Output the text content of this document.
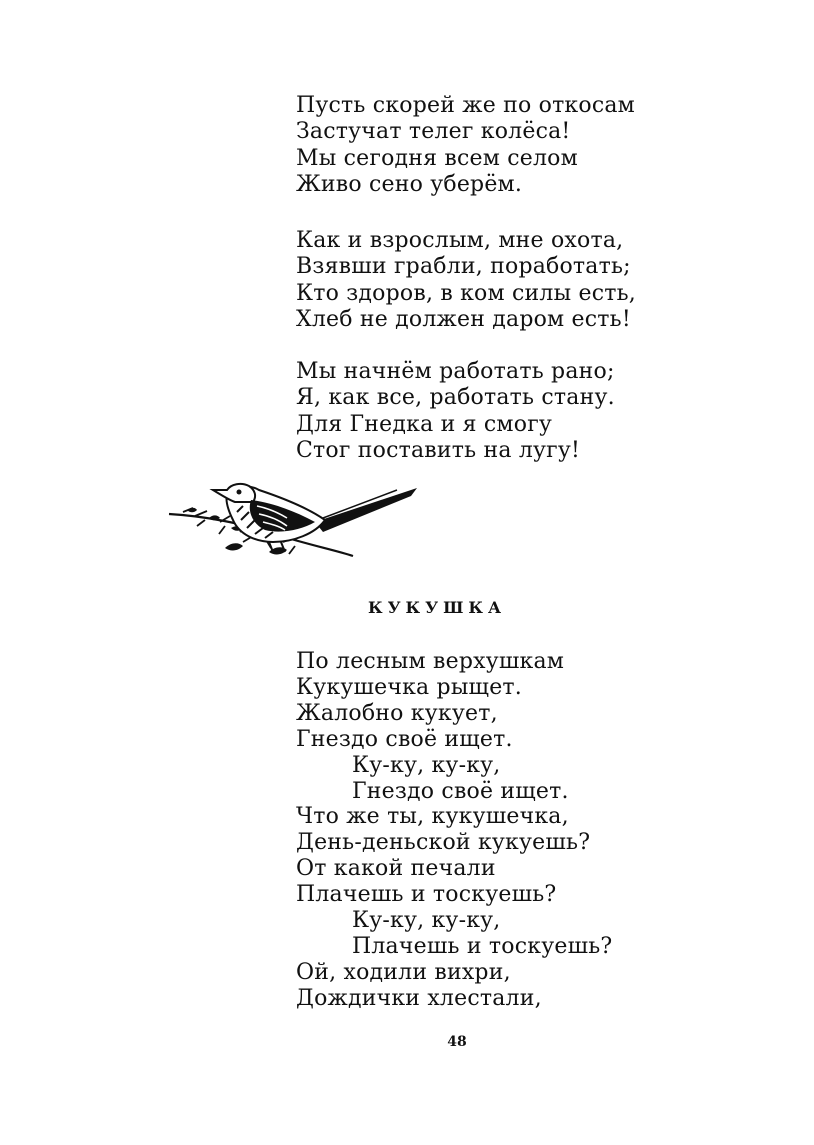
Пусть скорей же по откосам
Застучат телег колёса!
Мы сегодня всем селом
Живо сено уберём.
Как и взрослым, мне охота,
Взявши грабли, поработать;
Кто здоров, в ком силы есть,
Хлеб не должен даром есть!
Мы начнём работать рано;
Я, как все, работать стану.
Для Гнедка и я смогу
Стог поставить на лугу!
КУКУШКА
По лесным верхушкам
Кукушечка рыщет.
Жалобно кукует,
Гнездо своё ищет.
Ку-ку, ку-ку,
Гнездо своё ищет.
Что же ты, кукушечка,
День-деньской кукуешь?
От какой печали
Плачешь и тоскуешь?
Ку-ку, ку-ку,
Плачешь и тоскуешь?
Ой, ходили вихри,
Дождички хлестали,
48
